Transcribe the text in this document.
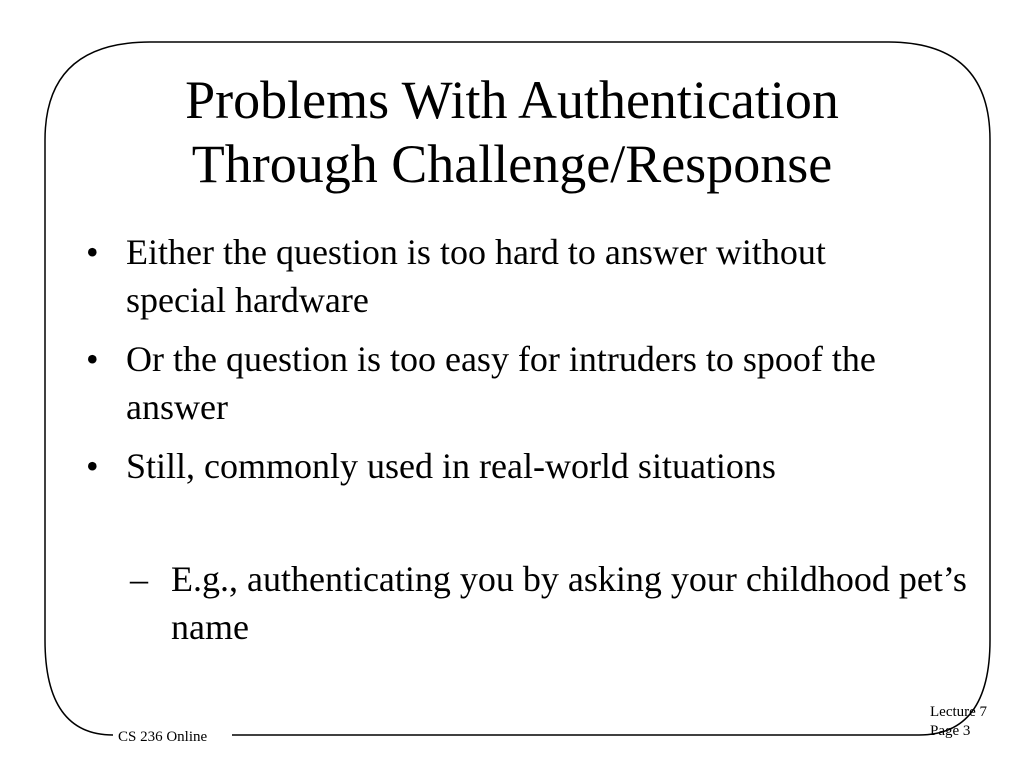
Problems With Authentication
Through Challenge/Response
• Either the question is too hard to answer without special hardware
• Or the question is too easy for intruders to spoof the answer
• Still, commonly used in real-world situations
– E.g., authenticating you by asking your childhood pet’s name
CS 236 Online
Lecture 7
Page 3
